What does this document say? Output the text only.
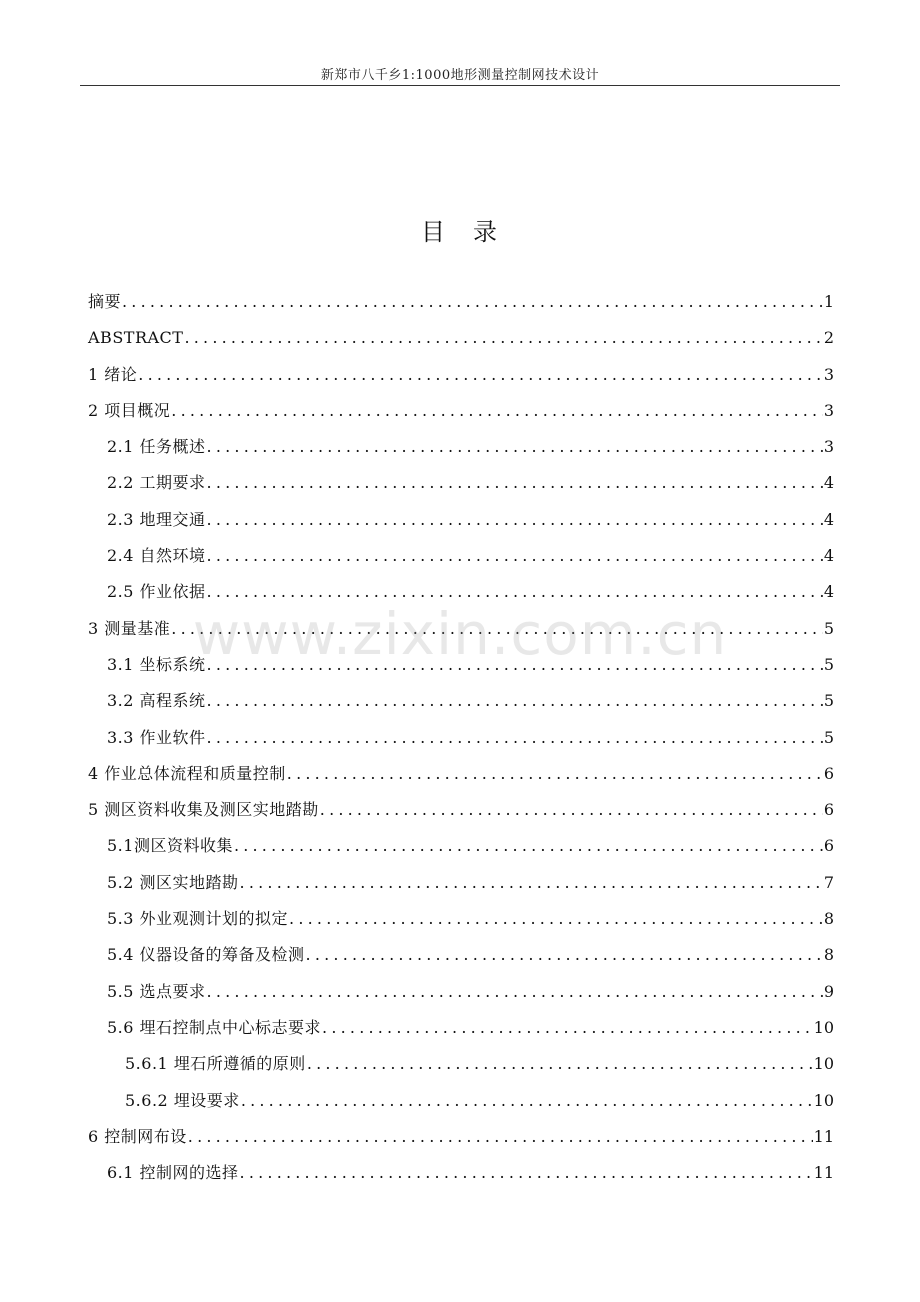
新郑市八千乡1:1000地形测量控制网技术设计
目　录
摘要 .....	1
ABSTRACT .....	2
1 绪论 .....	3
2 项目概况 .....	3
2.1 任务概述 .....	3
2.2 工期要求 .....	4
2.3 地理交通 .....	4
2.4 自然环境 .....	4
2.5 作业依据 .....	4
3 测量基准 .....	5
3.1 坐标系统 .....	5
3.2 高程系统 .....	5
3.3 作业软件 .....	5
4 作业总体流程和质量控制 .....	6
5 测区资料收集及测区实地踏勘 .....	6
5.1测区资料收集 .....	6
5.2 测区实地踏勘 .....	7
5.3 外业观测计划的拟定 .....	8
5.4 仪器设备的筹备及检测 .....	8
5.5 选点要求 .....	9
5.6 埋石控制点中心标志要求 .....	10
5.6.1 埋石所遵循的原则 .....	10
5.6.2 埋设要求 .....	10
6 控制网布设 .....	11
6.1 控制网的选择 .....	11
www.zixin.com.cn
